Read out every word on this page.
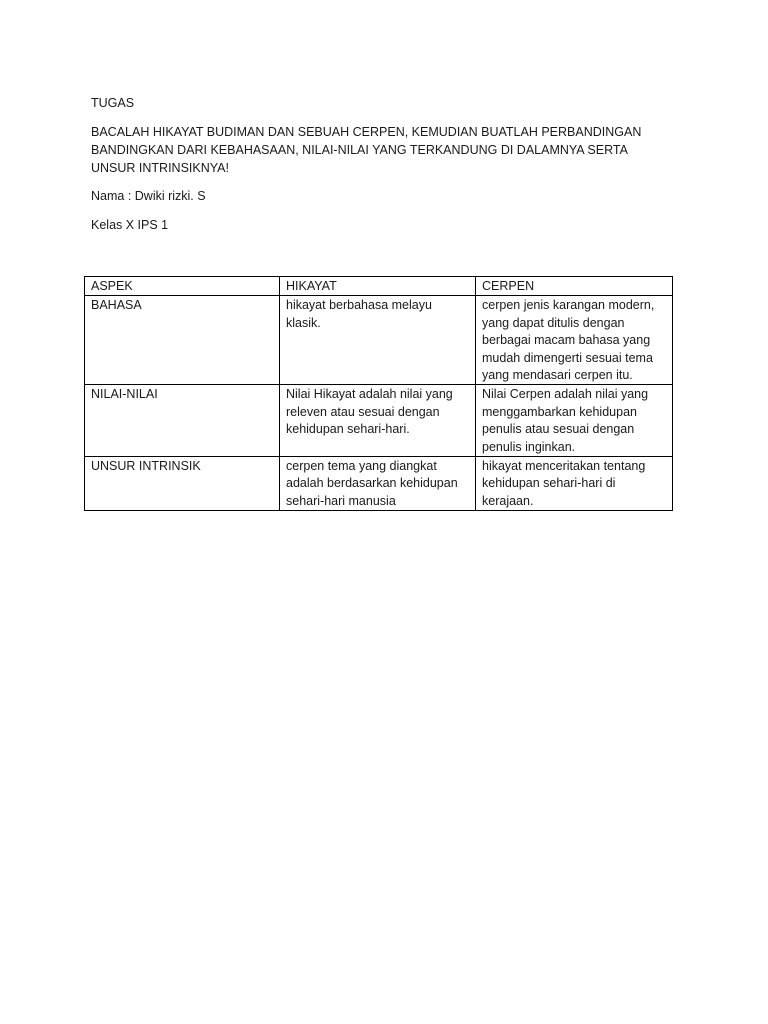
TUGAS
BACALAH HIKAYAT BUDIMAN DAN SEBUAH CERPEN, KEMUDIAN BUATLAH PERBANDINGAN BANDINGKAN DARI KEBAHASAAN, NILAI-NILAI YANG TERKANDUNG DI DALAMNYA SERTA UNSUR INTRINSIKNYA!
Nama : Dwiki rizki. S
Kelas X IPS 1
ASPEK	HIKAYAT	CERPEN
BAHASA	hikayat berbahasa melayu klasik.	cerpen jenis karangan modern, yang dapat ditulis dengan berbagai macam bahasa yang mudah dimengerti sesuai tema yang mendasari cerpen itu.
NILAI-NILAI	Nilai Hikayat adalah nilai yang releven atau sesuai dengan kehidupan sehari-hari.	Nilai Cerpen adalah nilai yang menggambarkan kehidupan penulis atau sesuai dengan penulis inginkan.
UNSUR INTRINSIK	cerpen tema yang diangkat adalah berdasarkan kehidupan sehari-hari manusia	hikayat menceritakan tentang kehidupan sehari-hari di kerajaan.
